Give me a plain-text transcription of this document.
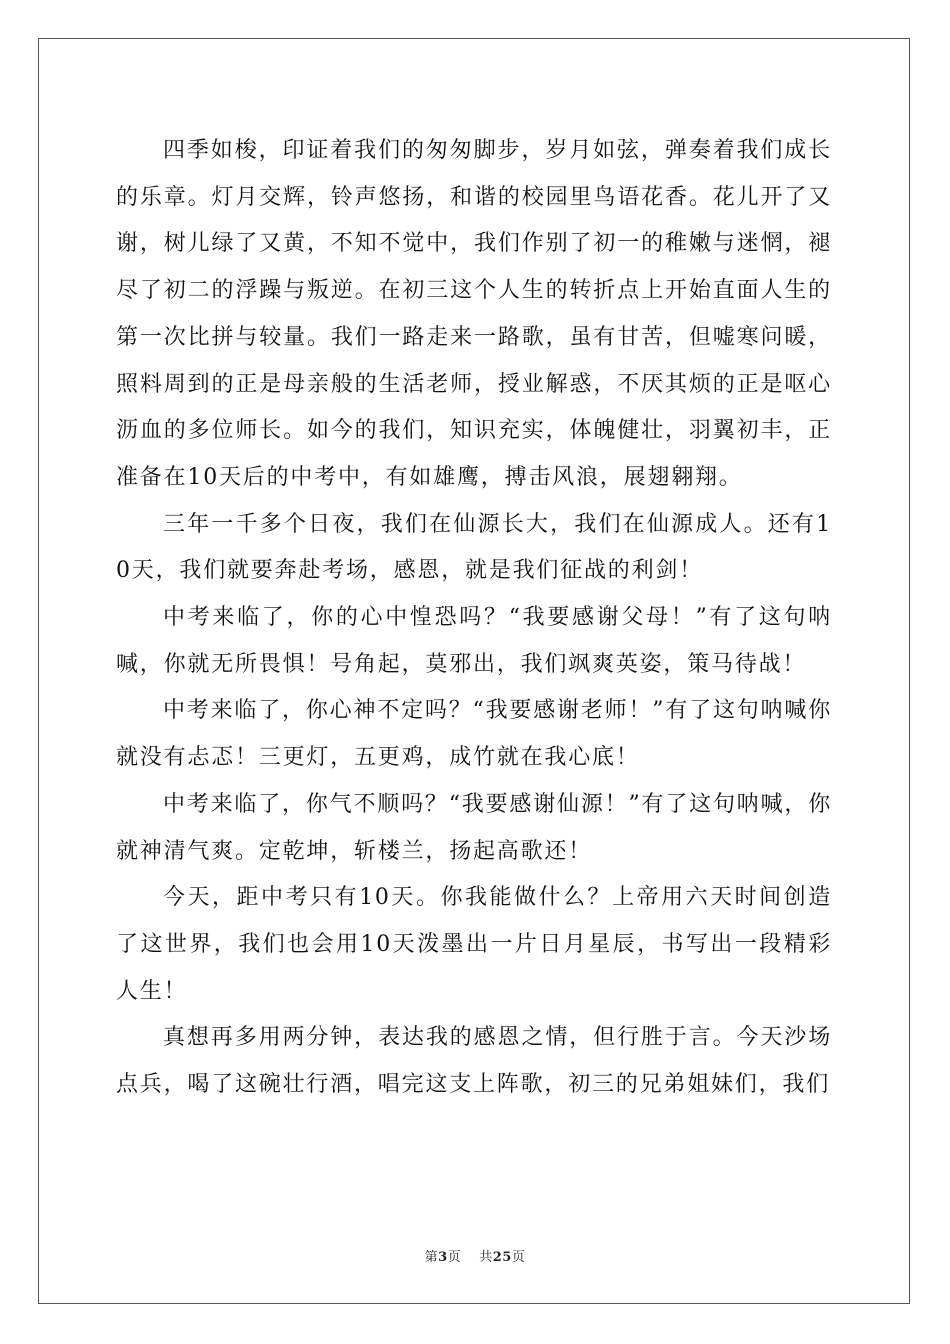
四季如梭，印证着我们的匆匆脚步，岁月如弦，弹奏着我们成长的乐章。灯月交辉，铃声悠扬，和谐的校园里鸟语花香。花儿开了又谢，树儿绿了又黄，不知不觉中，我们作别了初一的稚嫩与迷惘，褪尽了初二的浮躁与叛逆。在初三这个人生的转折点上开始直面人生的第一次比拼与较量。我们一路走来一路歌，虽有甘苦，但嘘寒问暖，照料周到的正是母亲般的生活老师，授业解惑，不厌其烦的正是呕心沥血的多位师长。如今的我们，知识充实，体魄健壮，羽翼初丰，正准备在10天后的中考中，有如雄鹰，搏击风浪，展翅翱翔。

三年一千多个日夜，我们在仙源长大，我们在仙源成人。还有10天，我们就要奔赴考场，感恩，就是我们征战的利剑！

中考来临了，你的心中惶恐吗？“我要感谢父母！”有了这句呐喊，你就无所畏惧！号角起，莫邪出，我们飒爽英姿，策马待战！

中考来临了，你心神不定吗？“我要感谢老师！”有了这句呐喊你就没有忐忑！三更灯，五更鸡，成竹就在我心底！

中考来临了，你气不顺吗？“我要感谢仙源！”有了这句呐喊，你就神清气爽。定乾坤，斩楼兰，扬起高歌还！

今天，距中考只有10天。你我能做什么？上帝用六天时间创造了这世界，我们也会用10天泼墨出一片日月星辰，书写出一段精彩人生！

真想再多用两分钟，表达我的感恩之情，但行胜于言。今天沙场点兵，喝了这碗壮行酒，唱完这支上阵歌，初三的兄弟姐妹们，我们

第3页 共25页
